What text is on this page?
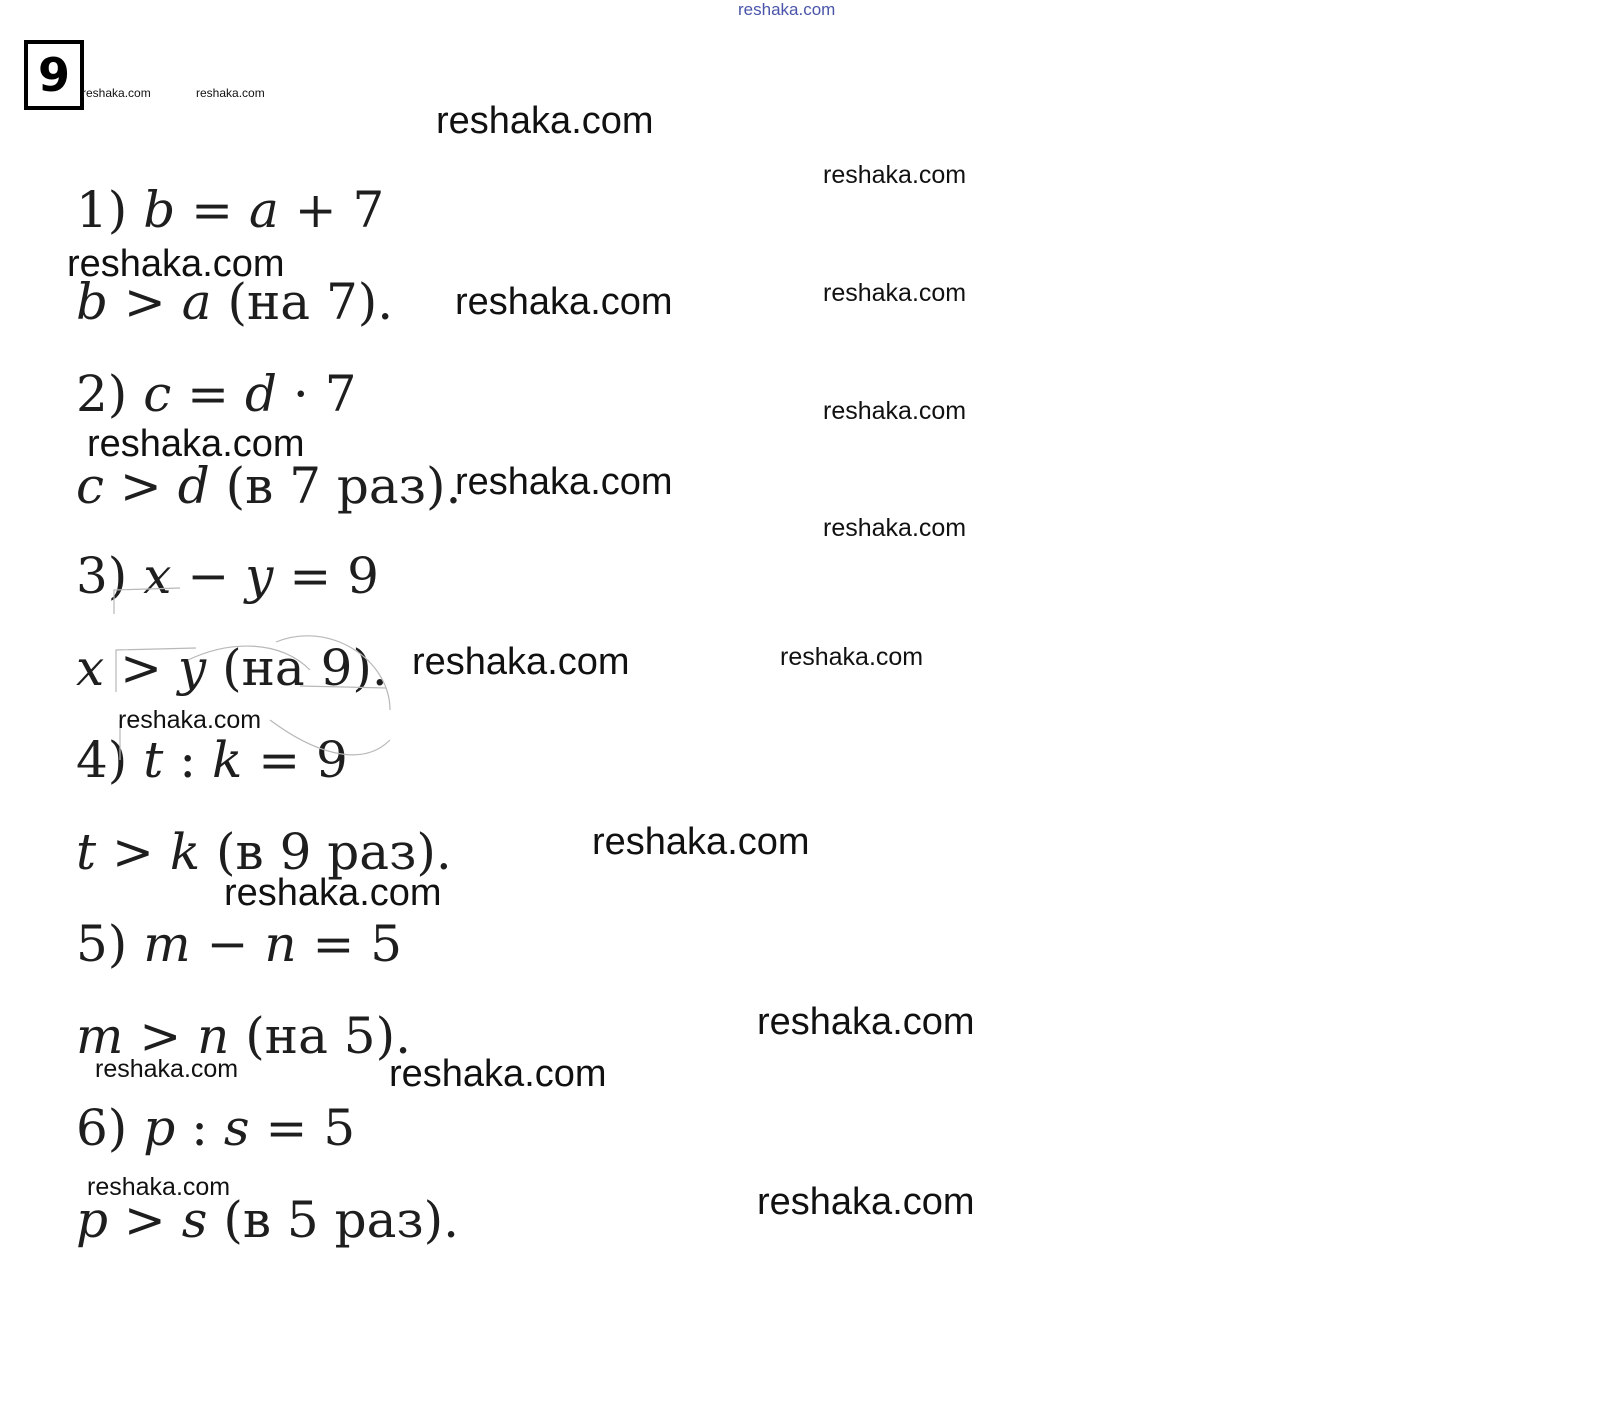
9
1) b = a + 7
b > a (на 7).
2) c = d · 7
c > d (в 7 раз).
3) x − y = 9
x > y (на 9).
4) t : k = 9
t > k (в 9 раз).
5) m − n = 5
m > n (на 5).
6) p : s = 5
p > s (в 5 раз).
reshaka.com
reshaka.com	reshaka.com
reshaka.com
reshaka.com
reshaka.com
reshaka.com	reshaka.com
reshaka.com
reshaka.com
reshaka.com
reshaka.com
reshaka.com	reshaka.com
reshaka.com
reshaka.com
reshaka.com
reshaka.com
reshaka.com	reshaka.com
reshaka.com	reshaka.com
